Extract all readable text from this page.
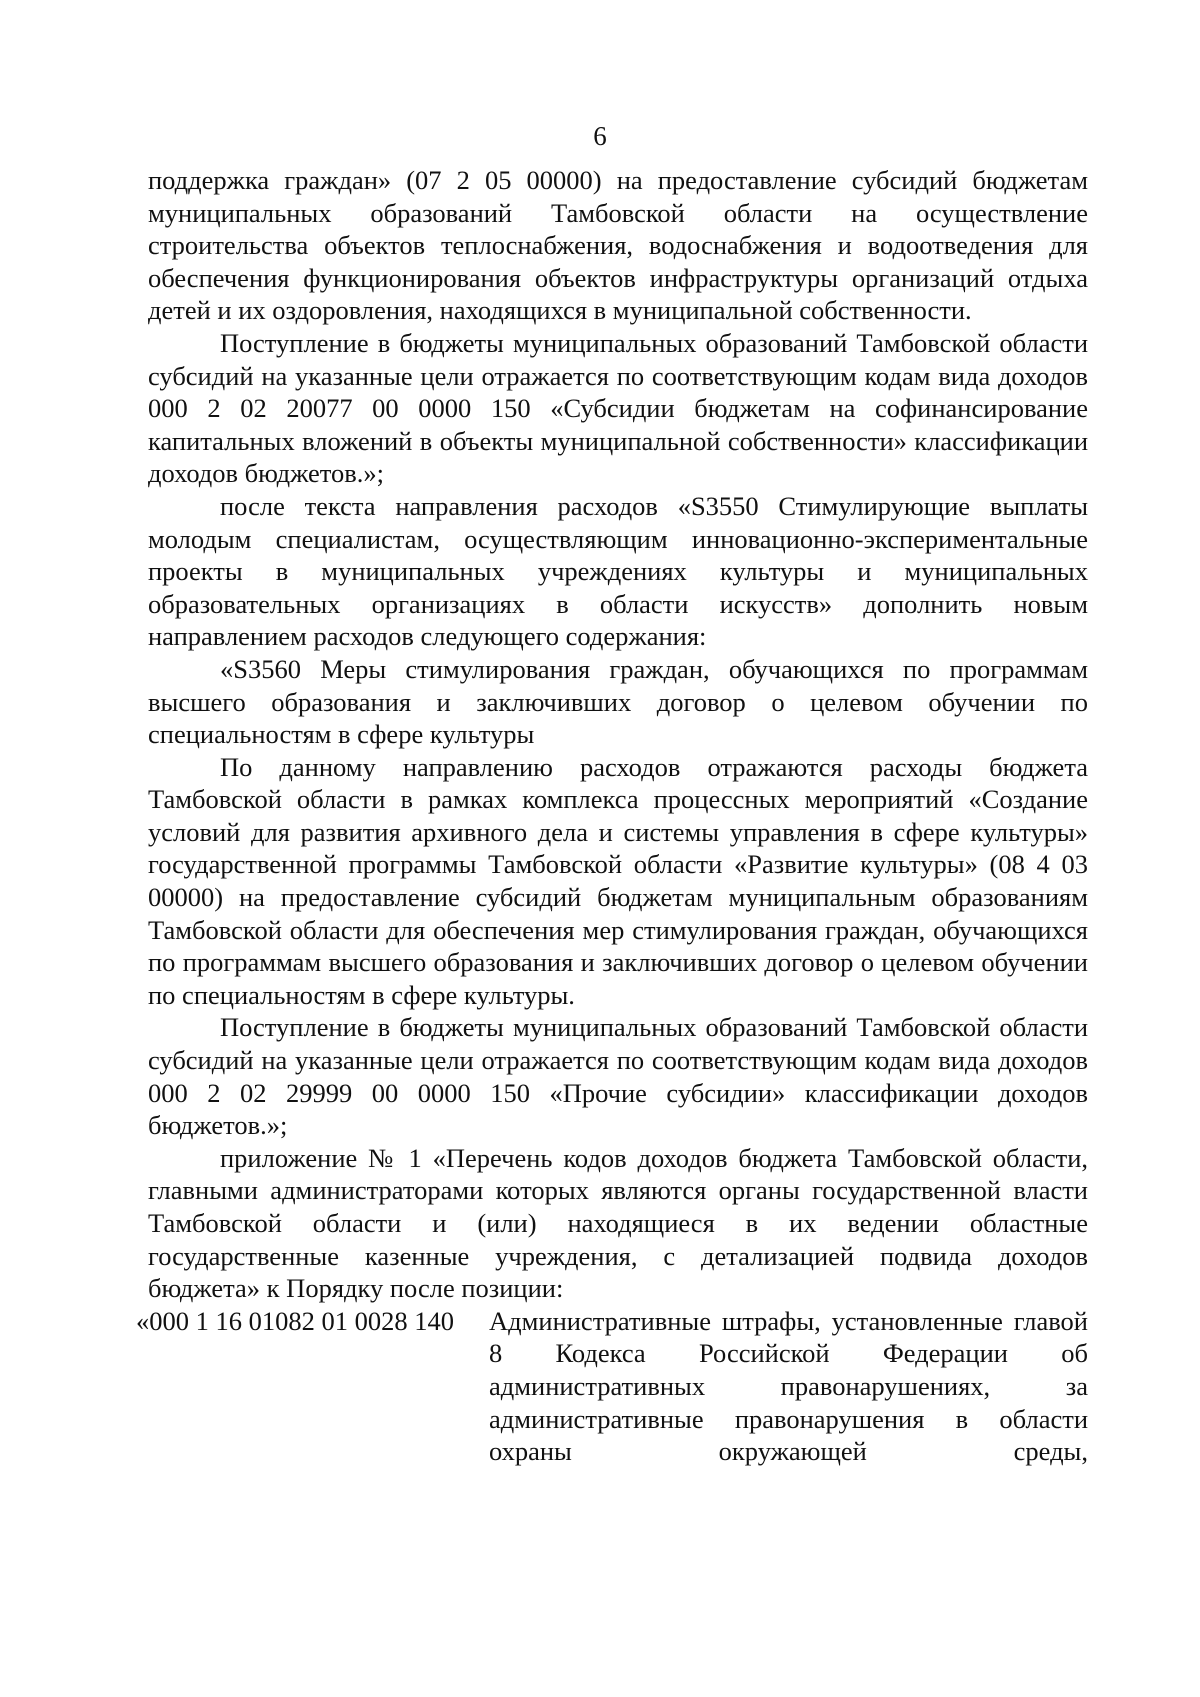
6

поддержка граждан» (07 2 05 00000) на предоставление субсидий бюджетам муниципальных образований Тамбовской области на осуществление строительства объектов теплоснабжения, водоснабжения и водоотведения для обеспечения функционирования объектов инфраструктуры организаций отдыха детей и их оздоровления, находящихся в муниципальной собственности.

Поступление в бюджеты муниципальных образований Тамбовской области субсидий на указанные цели отражается по соответствующим кодам вида доходов 000 2 02 20077 00 0000 150 «Субсидии бюджетам на софинансирование капитальных вложений в объекты муниципальной собственности» классификации доходов бюджетов.»;

после текста направления расходов «S3550 Стимулирующие выплаты молодым специалистам, осуществляющим инновационно-экспериментальные проекты в муниципальных учреждениях культуры и муниципальных образовательных организациях в области искусств» дополнить новым направлением расходов следующего содержания:

«S3560 Меры стимулирования граждан, обучающихся по программам высшего образования и заключивших договор о целевом обучении по специальностям в сфере культуры

По данному направлению расходов отражаются расходы бюджета Тамбовской области в рамках комплекса процессных мероприятий «Создание условий для развития архивного дела и системы управления в сфере культуры» государственной программы Тамбовской области «Развитие культуры» (08 4 03 00000) на предоставление субсидий бюджетам муниципальным образованиям Тамбовской области для обеспечения мер стимулирования граждан, обучающихся по программам высшего образования и заключивших договор о целевом обучении по специальностям в сфере культуры.

Поступление в бюджеты муниципальных образований Тамбовской области субсидий на указанные цели отражается по соответствующим кодам вида доходов 000 2 02 29999 00 0000 150 «Прочие субсидии» классификации доходов бюджетов.»;

приложение № 1 «Перечень кодов доходов бюджета Тамбовской области, главными администраторами которых являются органы государственной власти Тамбовской области и (или) находящиеся в их ведении областные государственные казенные учреждения, с детализацией подвида доходов бюджета» к Порядку после позиции:

«000 1 16 01082 01 0028 140	Административные штрафы, установленные главой 8 Кодекса Российской Федерации об административных правонарушениях, за административные правонарушения в области охраны окружающей среды,
